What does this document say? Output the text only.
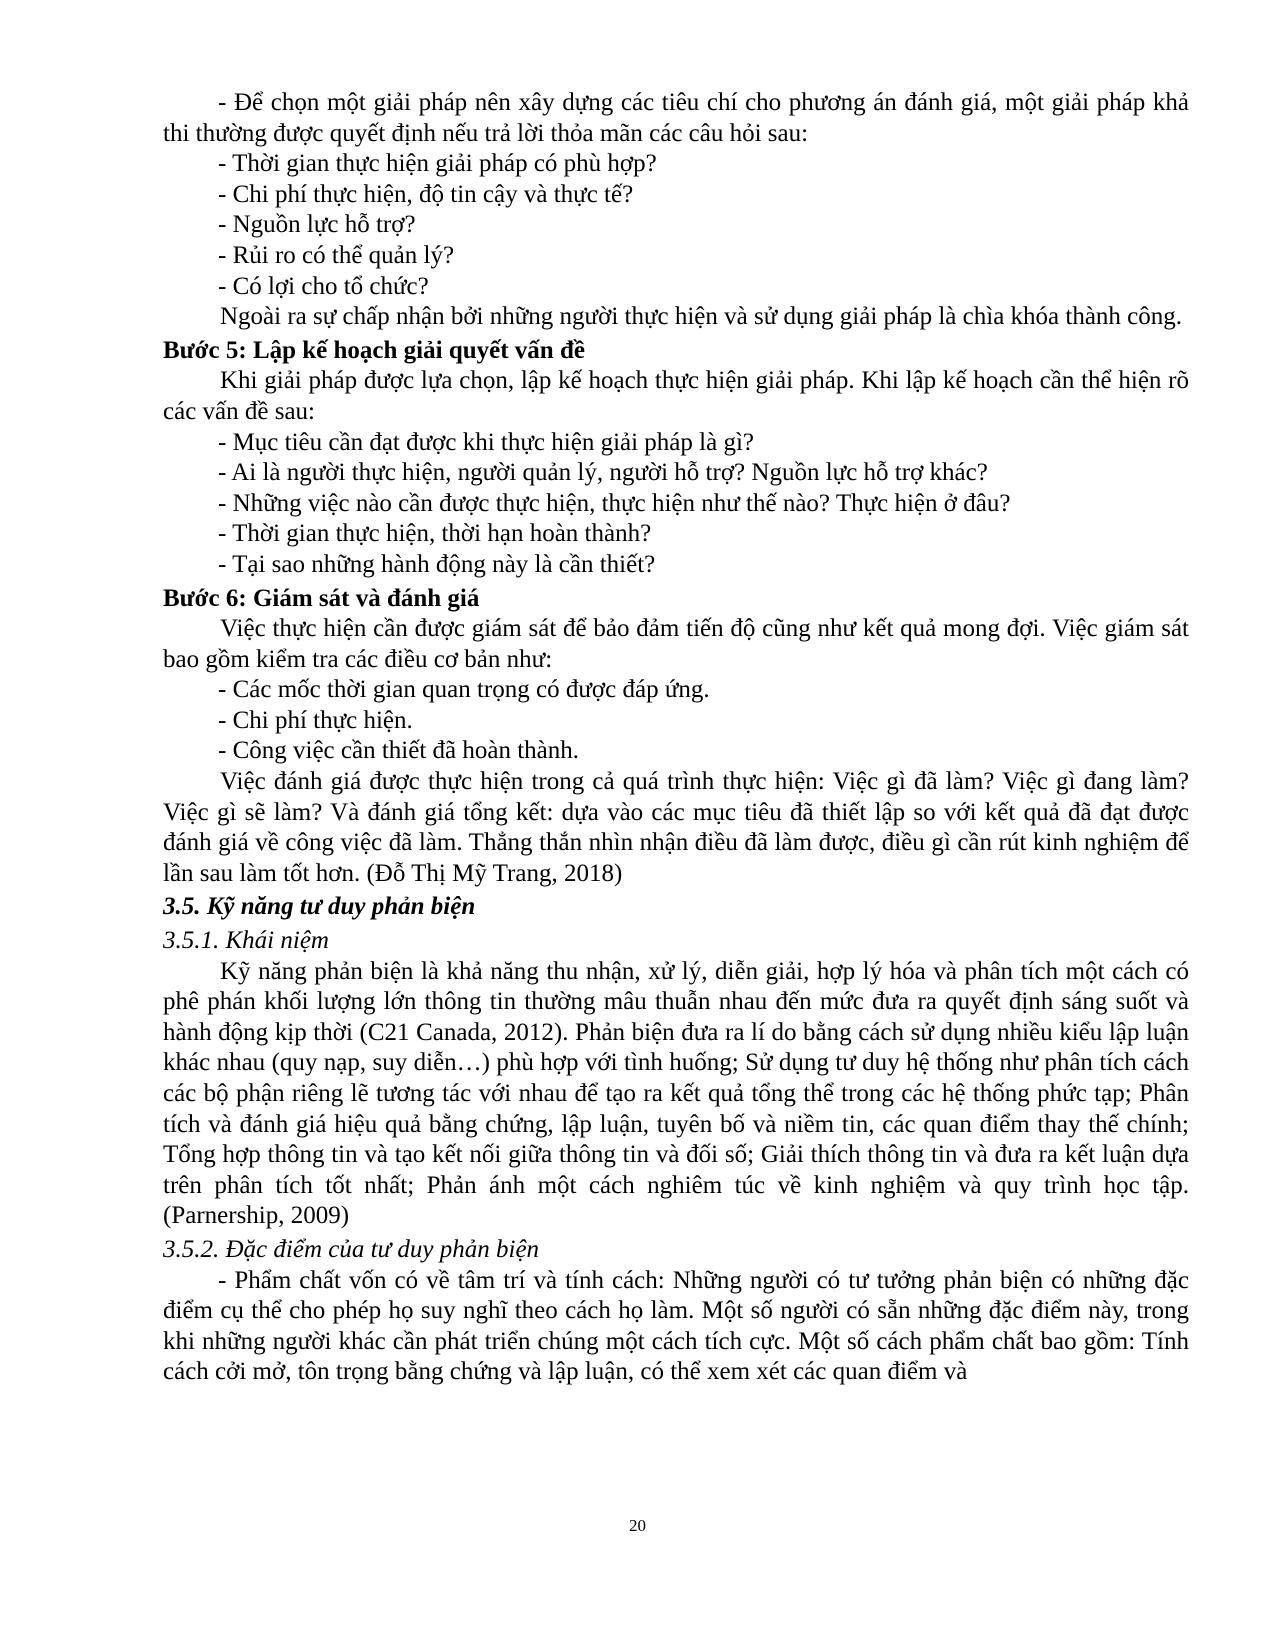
- Để chọn một giải pháp nên xây dựng các tiêu chí cho phương án đánh giá, một giải pháp khả thi thường được quyết định nếu trả lời thỏa mãn các câu hỏi sau:

- Thời gian thực hiện giải pháp có phù hợp?

- Chi phí thực hiện, độ tin cậy và thực tế?

- Nguồn lực hỗ trợ?

- Rủi ro có thể quản lý?

- Có lợi cho tổ chức?

Ngoài ra sự chấp nhận bởi những người thực hiện và sử dụng giải pháp là chìa khóa thành công.

Bước 5: Lập kế hoạch giải quyết vấn đề

Khi giải pháp được lựa chọn, lập kế hoạch thực hiện giải pháp. Khi lập kế hoạch cần thể hiện rõ các vấn đề sau:

- Mục tiêu cần đạt được khi thực hiện giải pháp là gì?

- Ai là người thực hiện, người quản lý, người hỗ trợ? Nguồn lực hỗ trợ khác?

- Những việc nào cần được thực hiện, thực hiện như thế nào? Thực hiện ở đâu?

- Thời gian thực hiện, thời hạn hoàn thành?

- Tại sao những hành động này là cần thiết?

Bước 6: Giám sát và đánh giá

Việc thực hiện cần được giám sát để bảo đảm tiến độ cũng như kết quả mong đợi. Việc giám sát bao gồm kiểm tra các điều cơ bản như:

- Các mốc thời gian quan trọng có được đáp ứng.

- Chi phí thực hiện.

- Công việc cần thiết đã hoàn thành.

Việc đánh giá được thực hiện trong cả quá trình thực hiện: Việc gì đã làm? Việc gì đang làm? Việc gì sẽ làm? Và đánh giá tổng kết: dựa vào các mục tiêu đã thiết lập so với kết quả đã đạt được đánh giá về công việc đã làm. Thẳng thắn nhìn nhận điều đã làm được, điều gì cần rút kinh nghiệm để lần sau làm tốt hơn. (Đỗ Thị Mỹ Trang, 2018)

3.5. Kỹ năng tư duy phản biện

3.5.1. Khái niệm

Kỹ năng phản biện là khả năng thu nhận, xử lý, diễn giải, hợp lý hóa và phân tích một cách có phê phán khối lượng lớn thông tin thường mâu thuẫn nhau đến mức đưa ra quyết định sáng suốt và hành động kịp thời (C21 Canada, 2012). Phản biện đưa ra lí do bằng cách sử dụng nhiều kiểu lập luận khác nhau (quy nạp, suy diễn…) phù hợp với tình huống; Sử dụng tư duy hệ thống như phân tích cách các bộ phận riêng lẽ tương tác với nhau để tạo ra kết quả tổng thể trong các hệ thống phức tạp; Phân tích và đánh giá hiệu quả bằng chứng, lập luận, tuyên bố và niềm tin, các quan điểm thay thế chính; Tổng hợp thông tin và tạo kết nối giữa thông tin và đối số; Giải thích thông tin và đưa ra kết luận dựa trên phân tích tốt nhất; Phản ánh một cách nghiêm túc về kinh nghiệm và quy trình học tập. (Parnership, 2009)

3.5.2. Đặc điểm của tư duy phản biện

- Phẩm chất vốn có về tâm trí và tính cách: Những người có tư tưởng phản biện có những đặc điểm cụ thể cho phép họ suy nghĩ theo cách họ làm. Một số người có sẵn những đặc điểm này, trong khi những người khác cần phát triển chúng một cách tích cực. Một số cách phẩm chất bao gồm: Tính cách cởi mở, tôn trọng bằng chứng và lập luận, có thể xem xét các quan điểm và

20
